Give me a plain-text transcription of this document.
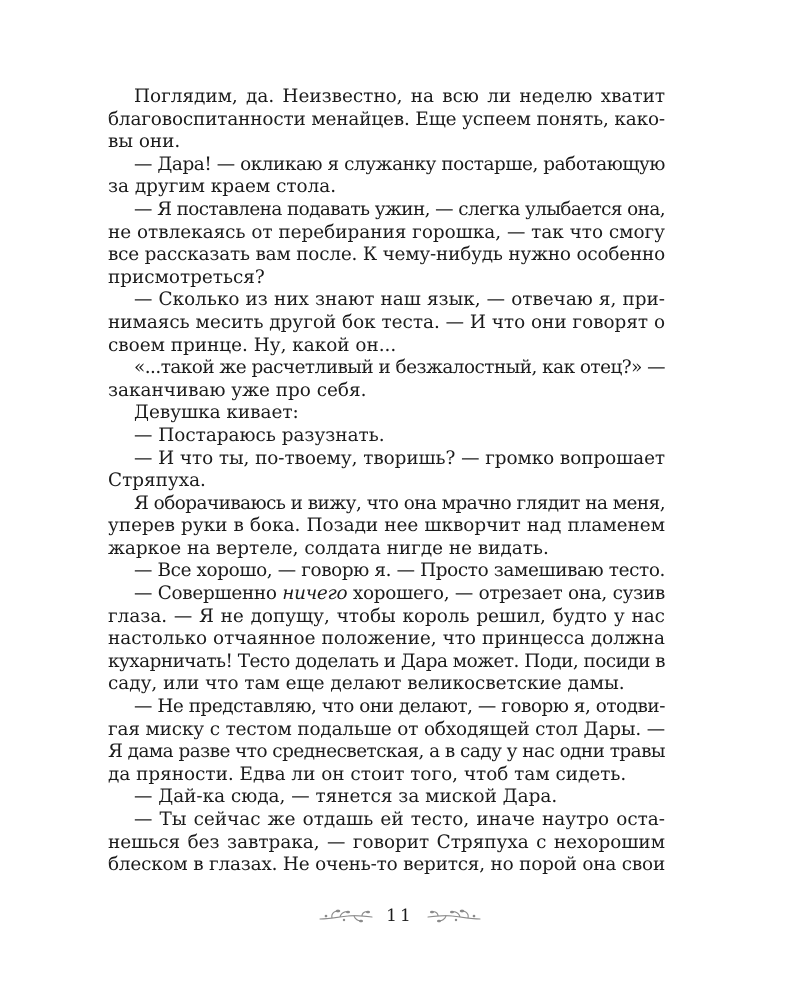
Поглядим, да. Неизвестно, на всю ли неделю хватит
благовоспитанности менайцев. Еще успеем понять, како-
вы они.
— Дара! — окликаю я служанку постарше, работающую
за другим краем стола.
— Я поставлена подавать ужин, — слегка улыбается она,
не отвлекаясь от перебирания горошка, — так что смогу
все рассказать вам после. К чему-нибудь нужно особенно
присмотреться?
— Сколько из них знают наш язык, — отвечаю я, при-
нимаясь месить другой бок теста. — И что они говорят о
своем принце. Ну, какой он...
«...такой же расчетливый и безжалостный, как отец?» —
заканчиваю уже про себя.
Девушка кивает:
— Постараюсь разузнать.
— И что ты, по-твоему, творишь? — громко вопрошает
Стряпуха.
Я оборачиваюсь и вижу, что она мрачно глядит на меня,
уперев руки в бока. Позади нее шкворчит над пламенем
жаркое на вертеле, солдата нигде не видать.
— Все хорошо, — говорю я. — Просто замешиваю тесто.
— Совершенно ничего хорошего, — отрезает она, сузив
глаза. — Я не допущу, чтобы король решил, будто у нас
настолько отчаянное положение, что принцесса должна
кухарничать! Тесто доделать и Дара может. Поди, посиди в
саду, или что там еще делают великосветские дамы.
— Не представляю, что они делают, — говорю я, отодви-
гая миску с тестом подальше от обходящей стол Дары. —
Я дама разве что среднесветская, а в саду у нас одни травы
да пряности. Едва ли он стоит того, чтоб там сидеть.
— Дай-ка сюда, — тянется за миской Дара.
— Ты сейчас же отдашь ей тесто, иначе наутро оста-
нешься без завтрака, — говорит Стряпуха с нехорошим
блеском в глазах. Не очень-то верится, но порой она свои
11
